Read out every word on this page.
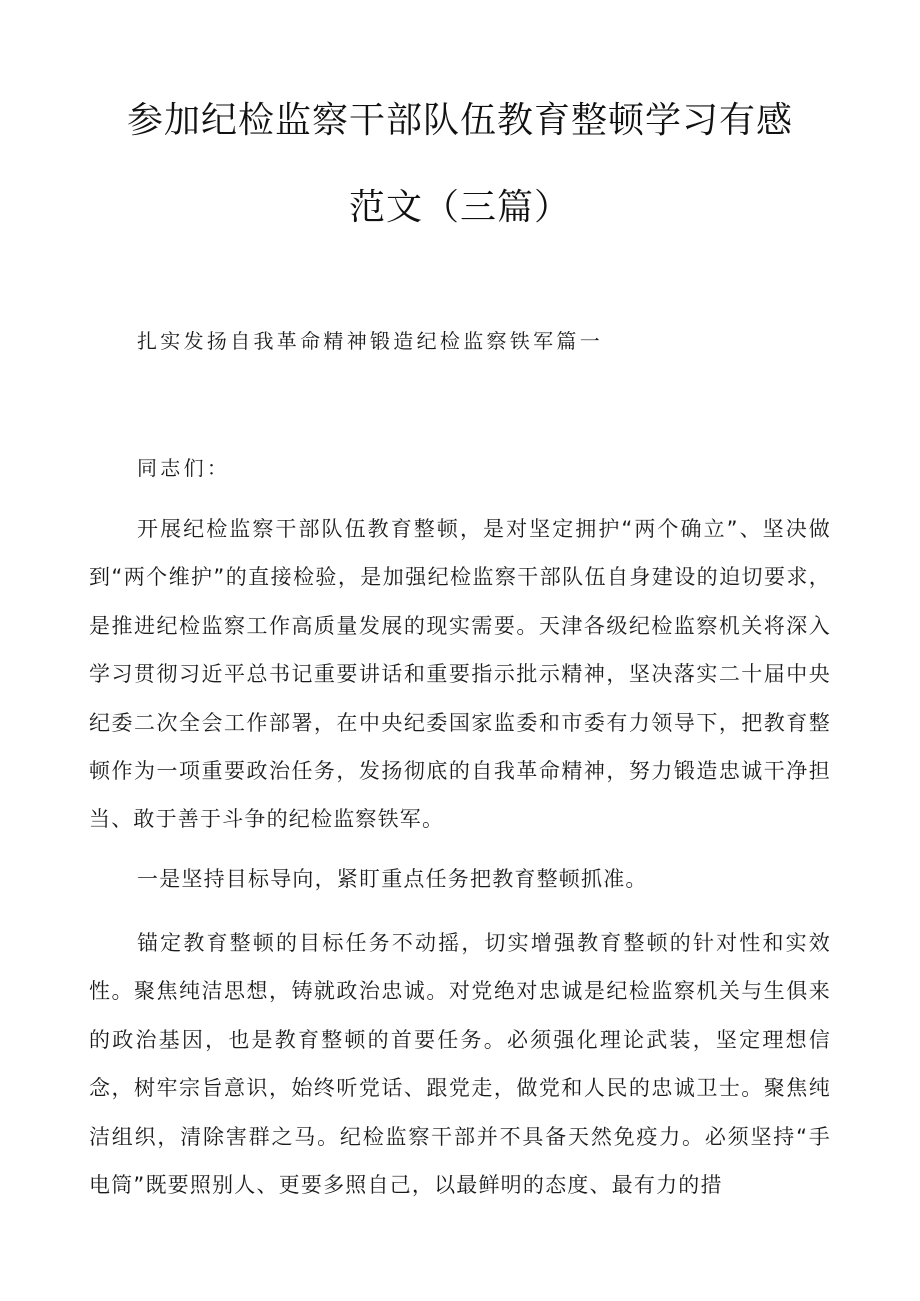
参加纪检监察干部队伍教育整顿学习有感
范文（三篇）
扎实发扬自我革命精神锻造纪检监察铁军篇一
同志们：

开展纪检监察干部队伍教育整顿，是对坚定拥护“两个确立”、坚决做到“两个维护”的直接检验，是加强纪检监察干部队伍自身建设的迫切要求，是推进纪检监察工作高质量发展的现实需要。天津各级纪检监察机关将深入学习贯彻习近平总书记重要讲话和重要指示批示精神，坚决落实二十届中央纪委二次全会工作部署，在中央纪委国家监委和市委有力领导下，把教育整顿作为一项重要政治任务，发扬彻底的自我革命精神，努力锻造忠诚干净担当、敢于善于斗争的纪检监察铁军。

一是坚持目标导向，紧盯重点任务把教育整顿抓准。

锚定教育整顿的目标任务不动摇，切实增强教育整顿的针对性和实效性。聚焦纯洁思想，铸就政治忠诚。对党绝对忠诚是纪检监察机关与生俱来的政治基因，也是教育整顿的首要任务。必须强化理论武装，坚定理想信念，树牢宗旨意识，始终听党话、跟党走，做党和人民的忠诚卫士。聚焦纯洁组织，清除害群之马。纪检监察干部并不具备天然免疫力。必须坚持“手电筒”既要照别人、更要多照自己，以最鲜明的态度、最有力的措
